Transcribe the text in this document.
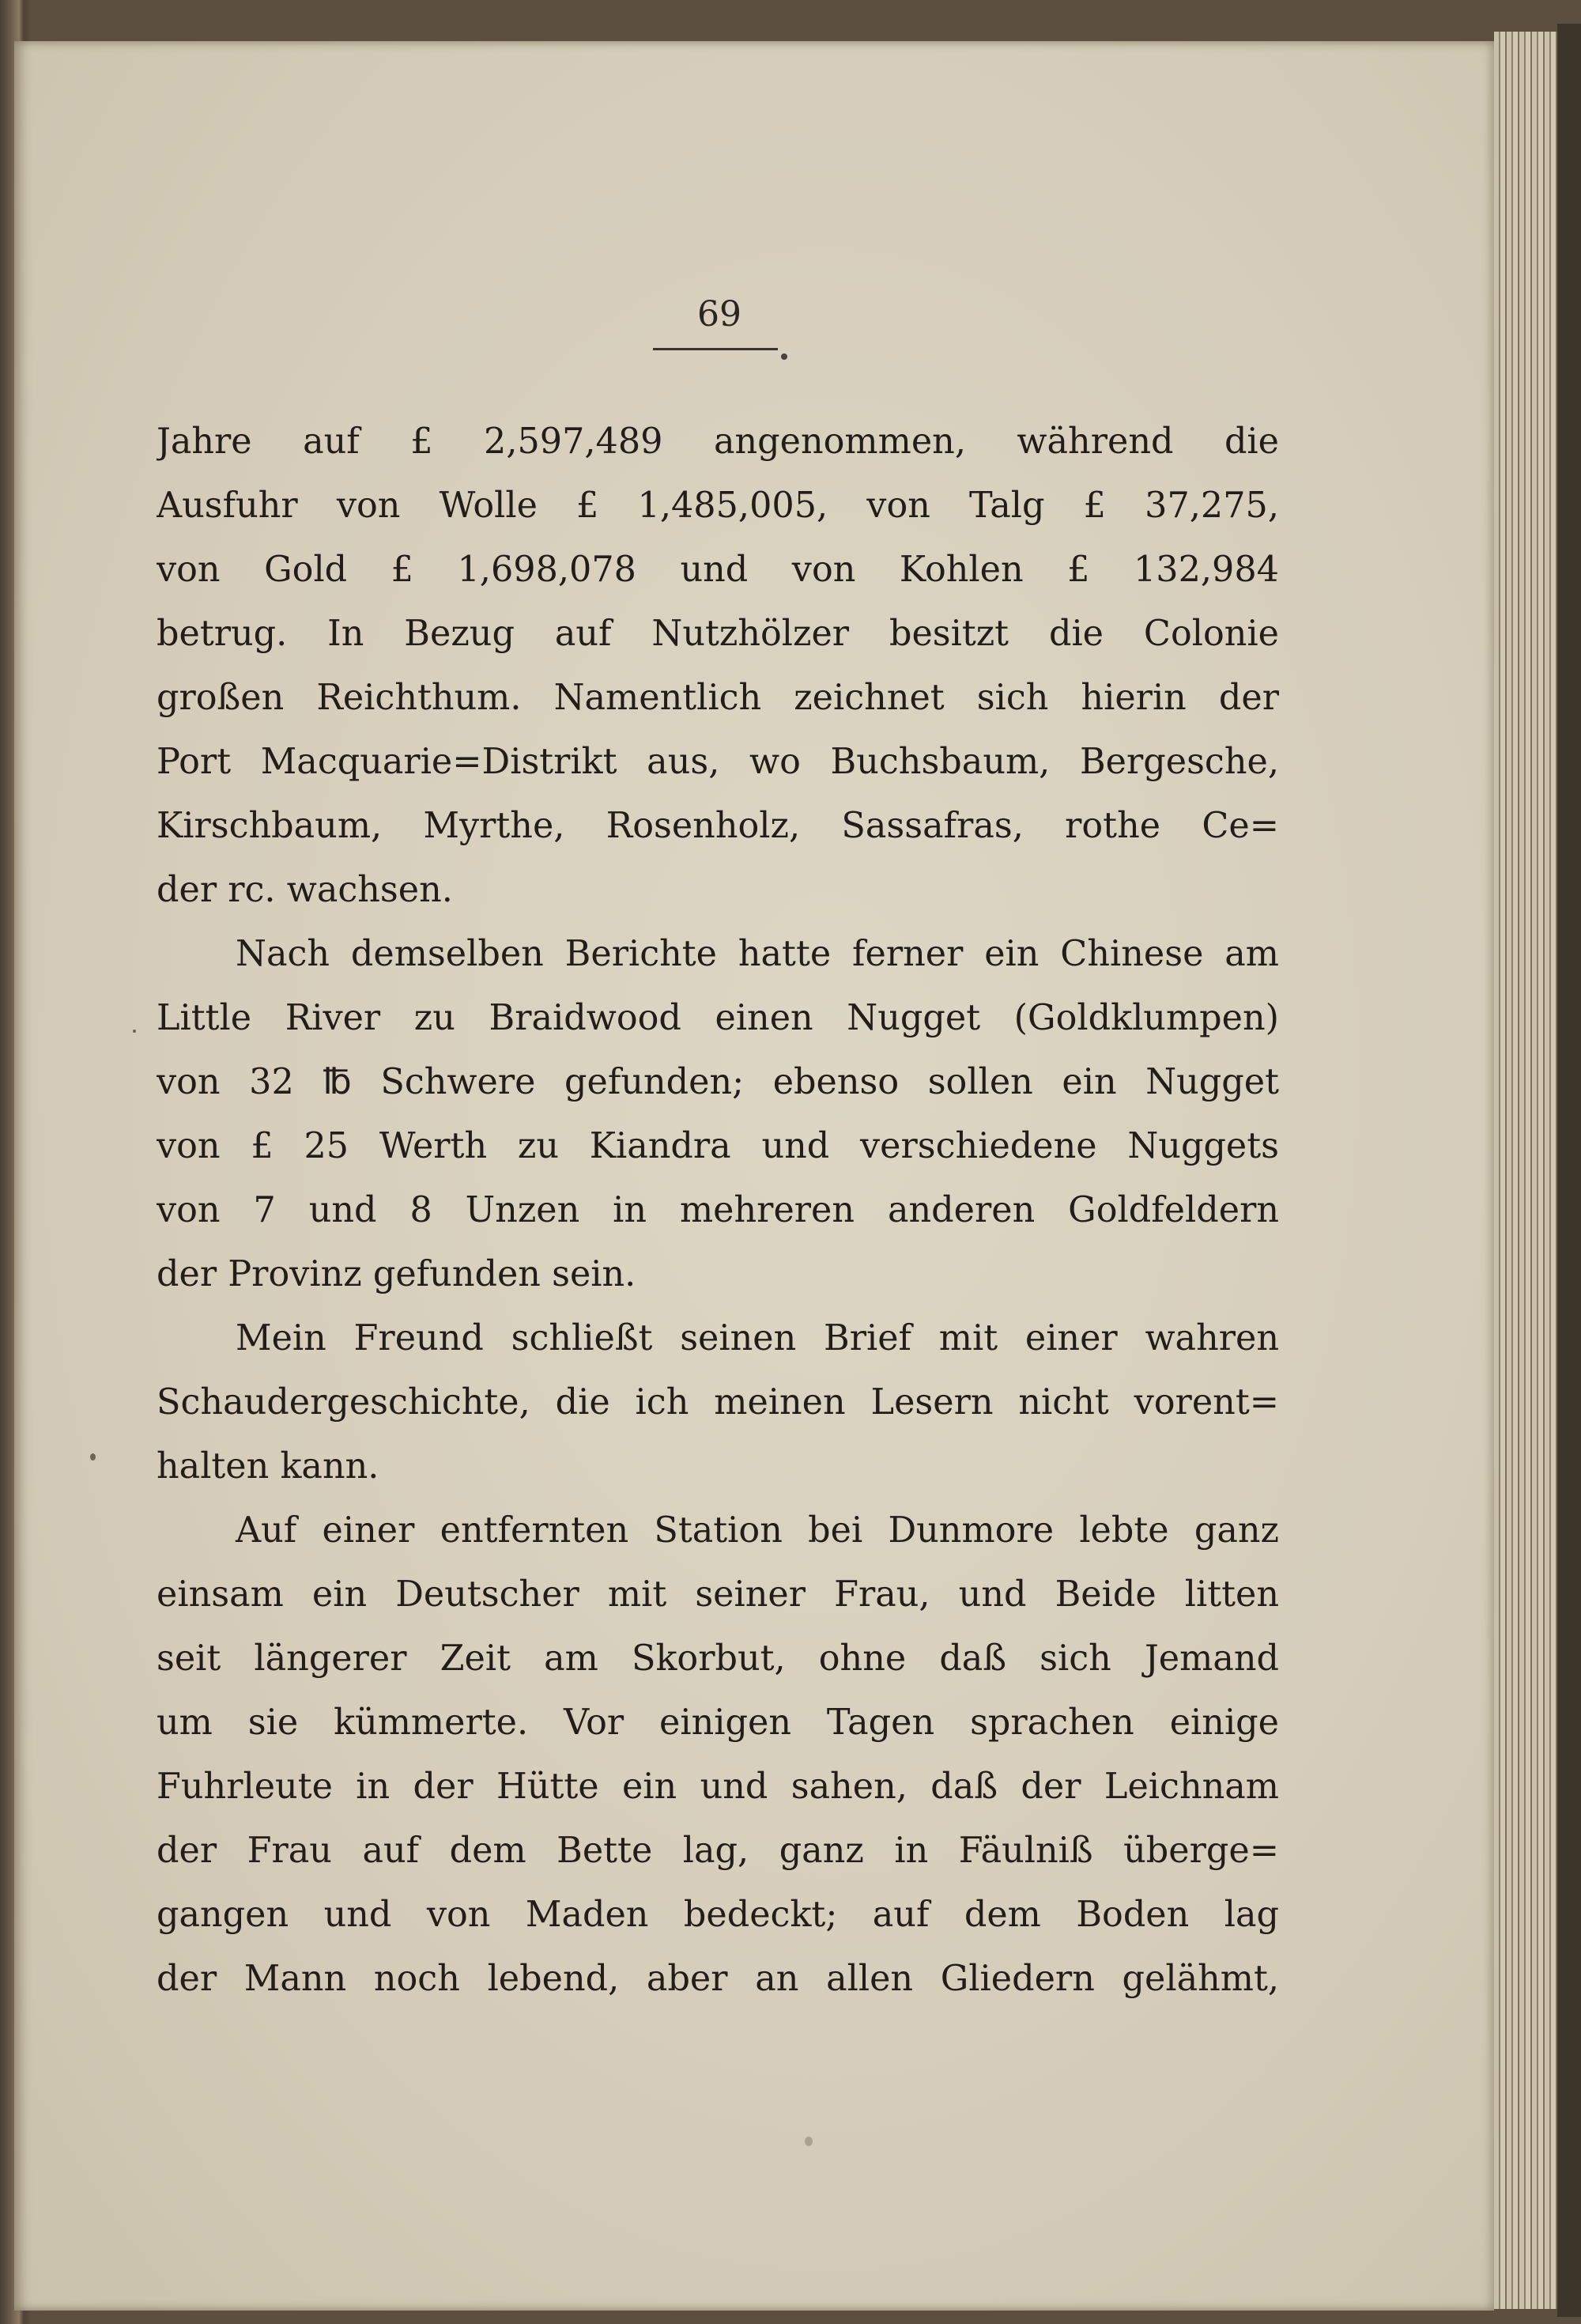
69
Jahre auf £ 2,597,489 angenommen, während die
Ausfuhr von Wolle £ 1,485,005, von Talg £ 37,275,
von Gold £ 1,698,078 und von Kohlen £ 132,984
betrug. In Bezug auf Nutzhölzer besitzt die Colonie
großen Reichthum. Namentlich zeichnet sich hierin der
Port Macquarie=Distrikt aus, wo Buchsbaum, Bergesche,
Kirschbaum, Myrthe, Rosenholz, Sassafras, rothe Ce=
der rc. wachsen.
Nach demselben Berichte hatte ferner ein Chinese am
Little River zu Braidwood einen Nugget (Goldklumpen)
von 32 ℔ Schwere gefunden; ebenso sollen ein Nugget
von £ 25 Werth zu Kiandra und verschiedene Nuggets
von 7 und 8 Unzen in mehreren anderen Goldfeldern
der Provinz gefunden sein.
Mein Freund schließt seinen Brief mit einer wahren
Schaudergeschichte, die ich meinen Lesern nicht vorent=
halten kann.
Auf einer entfernten Station bei Dunmore lebte ganz
einsam ein Deutscher mit seiner Frau, und Beide litten
seit längerer Zeit am Skorbut, ohne daß sich Jemand
um sie kümmerte. Vor einigen Tagen sprachen einige
Fuhrleute in der Hütte ein und sahen, daß der Leichnam
der Frau auf dem Bette lag, ganz in Fäulniß überge=
gangen und von Maden bedeckt; auf dem Boden lag
der Mann noch lebend, aber an allen Gliedern gelähmt,
